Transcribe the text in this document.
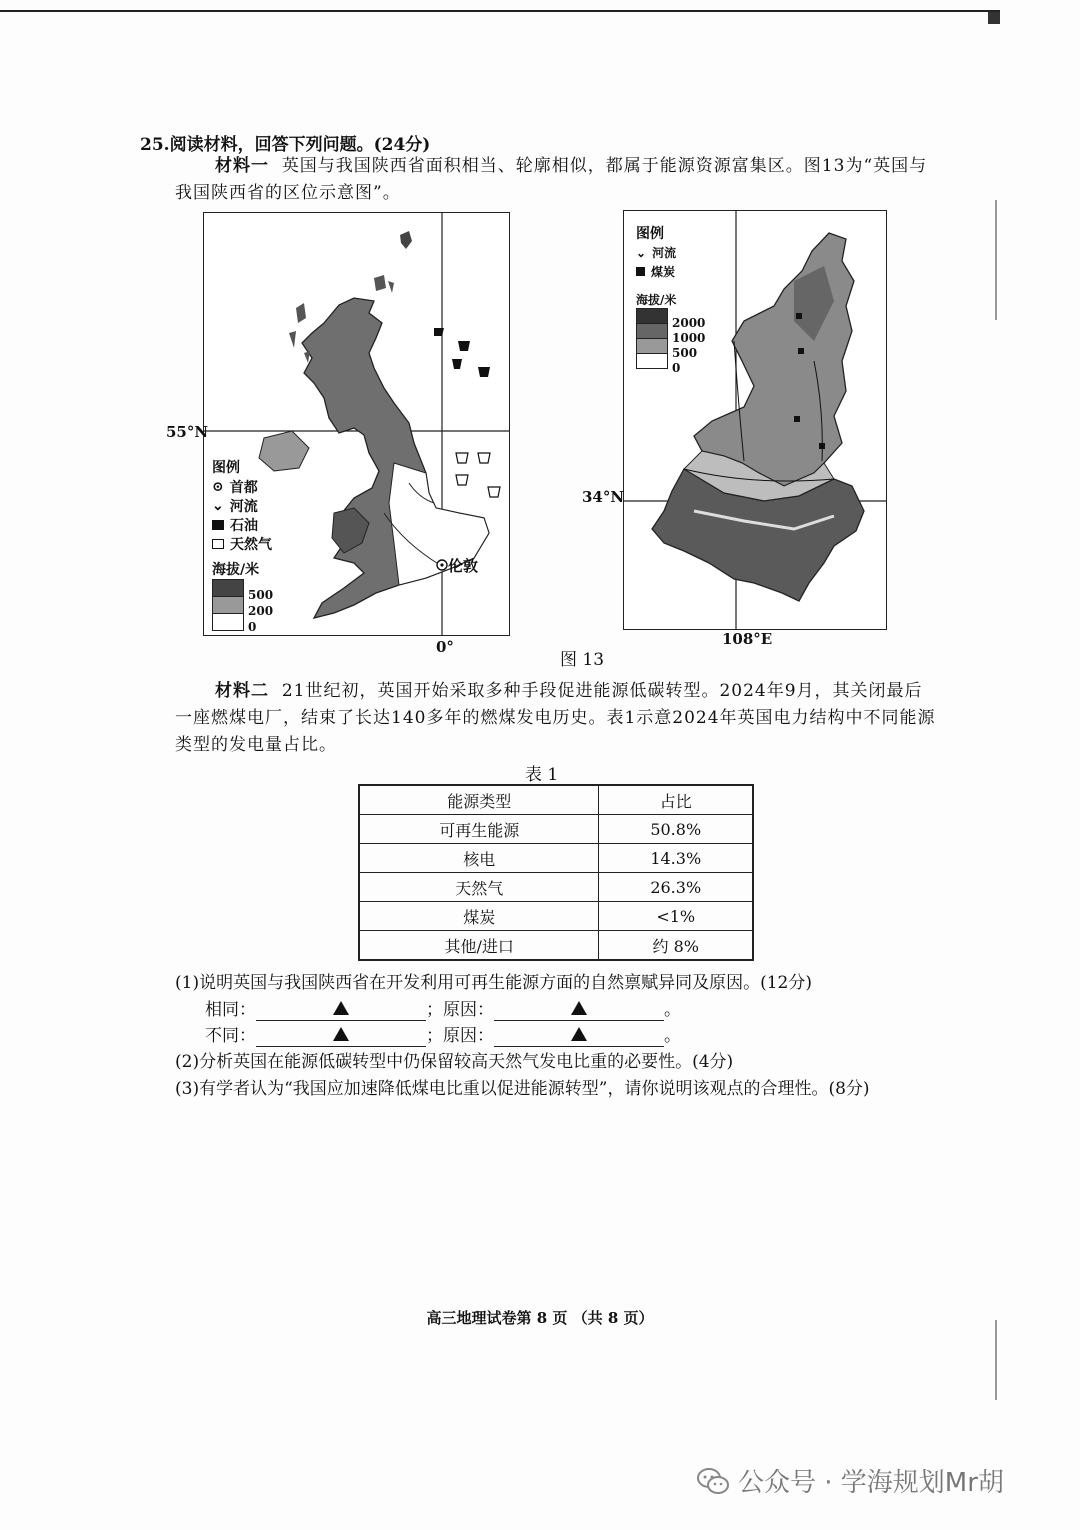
25.阅读材料，回答下列问题。(24分)
材料一 英国与我国陕西省面积相当、轮廓相似，都属于能源资源富集区。图13为“英国与我国陕西省的区位示意图”。
伦敦
图例
⊙ 首都
⌄ 河流
石油
天然气
海拔/米
500
200
0
55°N
0°
图例
⌄ 河流
煤炭
海拔/米
2000
1000
500
0
34°N
108°E
图 13
材料二 21世纪初，英国开始采取多种手段促进能源低碳转型。2024年9月，其关闭最后一座燃煤电厂，结束了长达140多年的燃煤发电历史。表1示意2024年英国电力结构中不同能源类型的发电量占比。
表 1
能源类型	占比
可再生能源	50.8%
核电	14.3%
天然气	26.3%
煤炭	<1%
其他/进口	约 8%
(1)说明英国与我国陕西省在开发利用可再生能源方面的自然禀赋异同及原因。(12分)
相同：	；原因：	。
不同：	；原因：	。
(2)分析英国在能源低碳转型中仍保留较高天然气发电比重的必要性。(4分)
(3)有学者认为“我国应加速降低煤电比重以促进能源转型”，请你说明该观点的合理性。(8分)
高三地理试卷第 8 页 （共 8 页）
公众号 · 学海规划Mr胡
